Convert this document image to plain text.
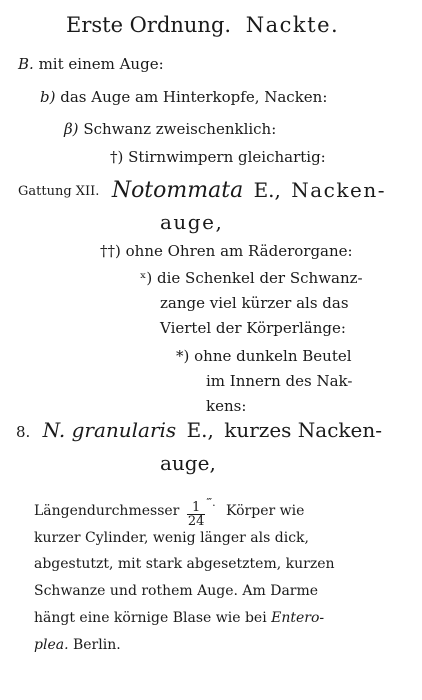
Erste Ordnung. Nackte.
B. mit einem Auge:
b) das Auge am Hinterkopfe, Nacken:
β) Schwanz zweischenklich:
†) Stirnwimpern gleichartig:
Gattung XII. Notommata E., Nacken-
auge,
††) ohne Ohren am Räderorgane:
ˣ) die Schenkel der Schwanz-
zange viel kürzer als das
Viertel der Körperlänge:
*) ohne dunkeln Beutel
im Innern des Nak-
kens:
8. N. granularis E., kurzes Nacken-
auge,
Längendurchmesser $\frac{1}{24} ^{‴.}$ Körper wie
kurzer Cylinder, wenig länger als dick,
abgestutzt, mit stark abgesetztem, kurzen
Schwanze und rothem Auge. Am Darme
hängt eine körnige Blase wie bei Entero-
plea. Berlin.
